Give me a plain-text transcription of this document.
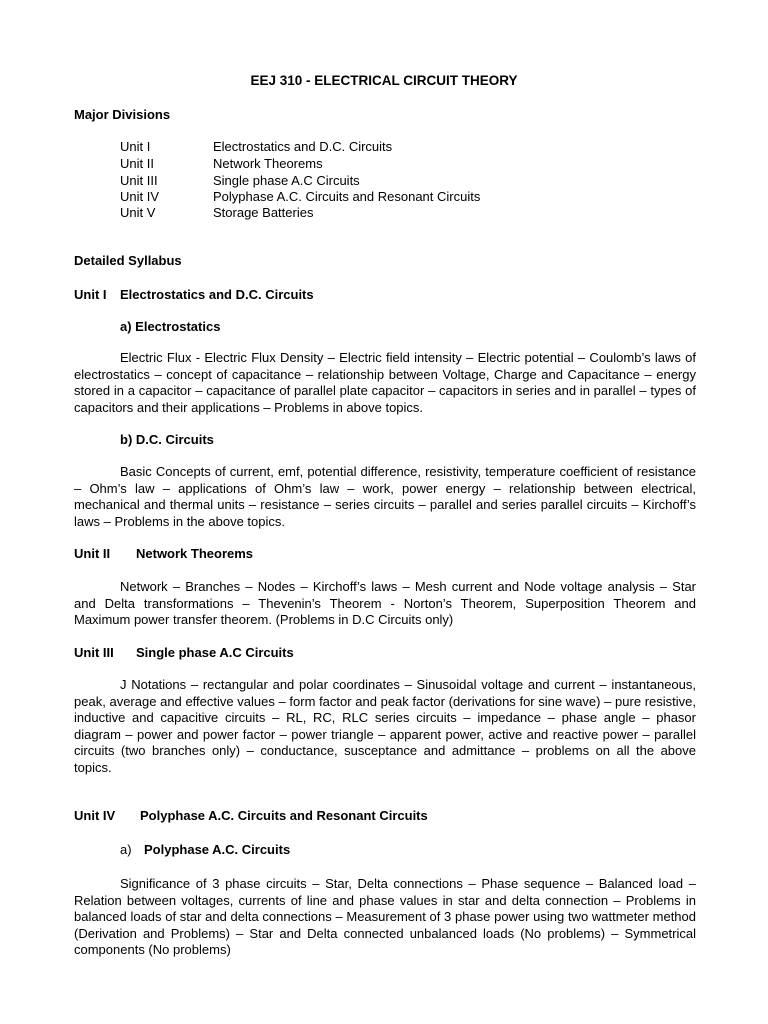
EEJ 310 - ELECTRICAL CIRCUIT THEORY
Major Divisions
Unit I	Electrostatics and D.C. Circuits
Unit II	Network Theorems
Unit III	Single phase A.C Circuits
Unit IV	Polyphase A.C. Circuits and Resonant Circuits
Unit V	Storage Batteries
Detailed Syllabus
Unit I Electrostatics and D.C. Circuits
a) Electrostatics

Electric Flux - Electric Flux Density – Electric field intensity – Electric potential – Coulomb’s laws of electrostatics – concept of capacitance – relationship between Voltage, Charge and Capacitance – energy stored in a capacitor – capacitance of parallel plate capacitor – capacitors in series and in parallel – types of capacitors and their applications – Problems in above topics.

b) D.C. Circuits

Basic Concepts of current, emf, potential difference, resistivity, temperature coefficient of resistance – Ohm’s law – applications of Ohm’s law – work, power energy – relationship between electrical, mechanical and thermal units – resistance – series circuits – parallel and series parallel circuits – Kirchoff’s laws – Problems in the above topics.

Unit II Network Theorems

Network – Branches – Nodes – Kirchoff’s laws – Mesh current and Node voltage analysis – Star and Delta transformations – Thevenin’s Theorem - Norton’s Theorem, Superposition Theorem and Maximum power transfer theorem. (Problems in D.C Circuits only)

Unit III Single phase A.C Circuits

J Notations – rectangular and polar coordinates – Sinusoidal voltage and current – instantaneous, peak, average and effective values – form factor and peak factor (derivations for sine wave) – pure resistive, inductive and capacitive circuits – RL, RC, RLC series circuits – impedance – phase angle – phasor diagram – power and power factor – power triangle – apparent power, active and reactive power – parallel circuits (two branches only) – conductance, susceptance and admittance – problems on all the above topics.

Unit IV Polyphase A.C. Circuits and Resonant Circuits
a) Polyphase A.C. Circuits

Significance of 3 phase circuits – Star, Delta connections – Phase sequence – Balanced load – Relation between voltages, currents of line and phase values in star and delta connection – Problems in balanced loads of star and delta connections – Measurement of 3 phase power using two wattmeter method (Derivation and Problems) – Star and Delta connected unbalanced loads (No problems) – Symmetrical components (No problems)
